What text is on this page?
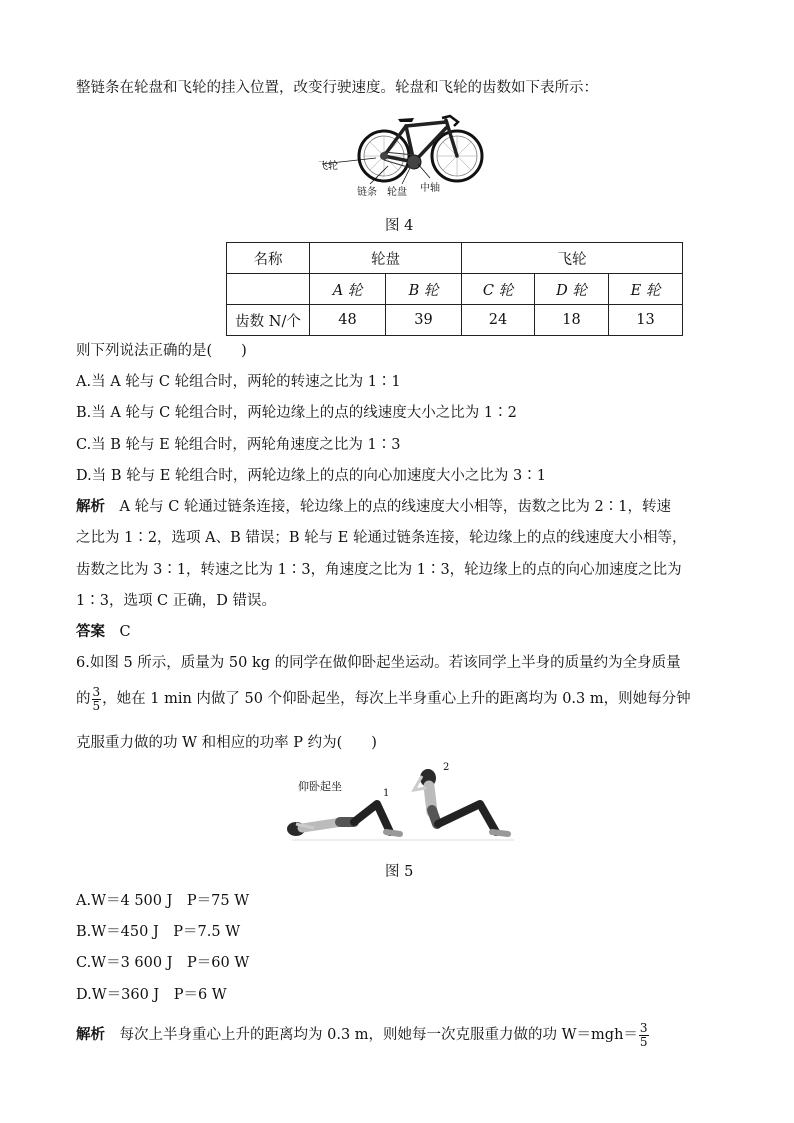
整链条在轮盘和飞轮的挂入位置，改变行驶速度。轮盘和飞轮的齿数如下表所示：
飞轮
链条 轮盘 中轴
图 4
名称	轮盘		飞轮		
	A 轮	B 轮	C 轮	D 轮	E 轮
齿数 N/个	48	39	24	18	13
则下列说法正确的是(　　)
A.当 A 轮与 C 轮组合时，两轮的转速之比为 1∶1
B.当 A 轮与 C 轮组合时，两轮边缘上的点的线速度大小之比为 1∶2
C.当 B 轮与 E 轮组合时，两轮角速度之比为 1∶3
D.当 B 轮与 E 轮组合时，两轮边缘上的点的向心加速度大小之比为 3∶1
解析　A 轮与 C 轮通过链条连接，轮边缘上的点的线速度大小相等，齿数之比为 2∶1，转速
之比为 1∶2，选项 A、B 错误；B 轮与 E 轮通过链条连接，轮边缘上的点的线速度大小相等，
齿数之比为 3∶1，转速之比为 1∶3，角速度之比为 1∶3，轮边缘上的点的向心加速度之比为
1∶3，选项 C 正确，D 错误。
答案　 C
6.如图 5 所示，质量为 50 kg 的同学在做仰卧起坐运动。若该同学上半身的质量约为全身质量
的 $\frac{3}{5}$ ，她在 1 min 内做了 50 个仰卧起坐，每次上半身重心上升的距离均为 0.3 m，则她每分钟
克服重力做的功 W 和相应的功率 P 约为(　　)
仰卧起坐
1
2
图 5
A.W＝4 500 J　P＝75 W
B.W＝450 J　P＝7.5 W
C.W＝3 600 J　P＝60 W
D.W＝360 J　P＝6 W
解析 　每次上半身重心上升的距离均为 0.3 m，则她每一次克服重力做的功 $W=mgh= \frac{3}{5}$
